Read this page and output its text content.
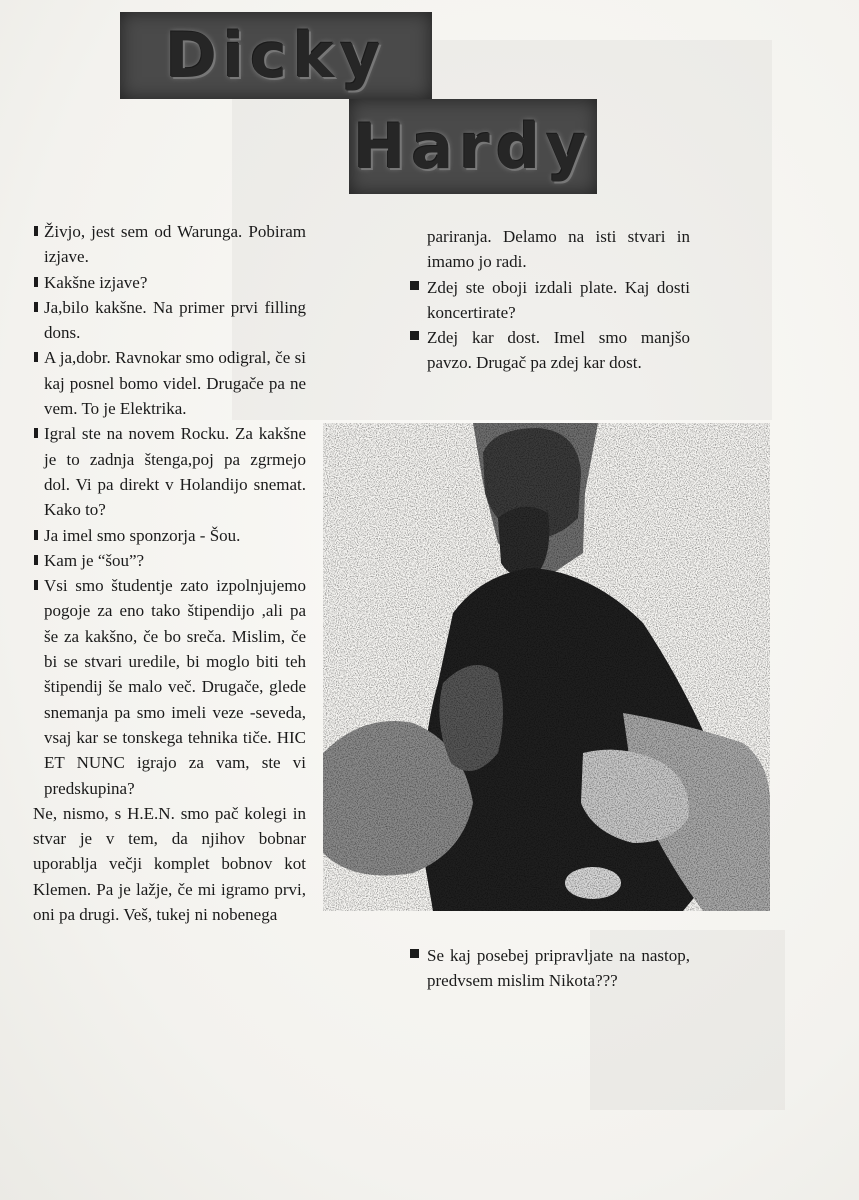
Dicky
Hardy

Živjo, jest sem od Warunga. Pobiram izjave.

Kakšne izjave?

Ja,bilo kakšne. Na primer prvi filling dons.

A ja,dobr. Ravnokar smo odigral, če si kaj posnel bomo videl. Drugače pa ne vem. To je Elektrika.

Igral ste na novem Rocku. Za kakšne je to zadnja štenga,poj pa zgrmejo dol. Vi pa direkt v Holandijo snemat. Kako to?

Ja imel smo sponzorja - Šou.

Kam je “šou”?

Vsi smo študentje zato izpolnjujemo pogoje za eno tako štipendijo ,ali pa še za kakšno, če bo sreča. Mislim, če bi se stvari uredile, bi moglo biti teh štipendij še malo več. Drugače, glede snemanja pa smo imeli veze -seveda, vsaj kar se tonskega tehnika tiče. HIC ET NUNC igrajo za vam, ste vi predskupina?

Ne, nismo, s H.E.N. smo pač kolegi in stvar je v tem, da njihov bobnar uporablja večji komplet bobnov kot Klemen. Pa je lažje, če mi igramo prvi, oni pa drugi. Veš, tukej ni nobenega

pariranja. Delamo na isti stvari in imamo jo radi.

Zdej ste oboji izdali plate. Kaj dosti koncertirate?

Zdej kar dost. Imel smo manjšo pavzo. Drugač pa zdej kar dost.

Se kaj posebej pripravljate na nastop, predvsem mislim Nikota???
